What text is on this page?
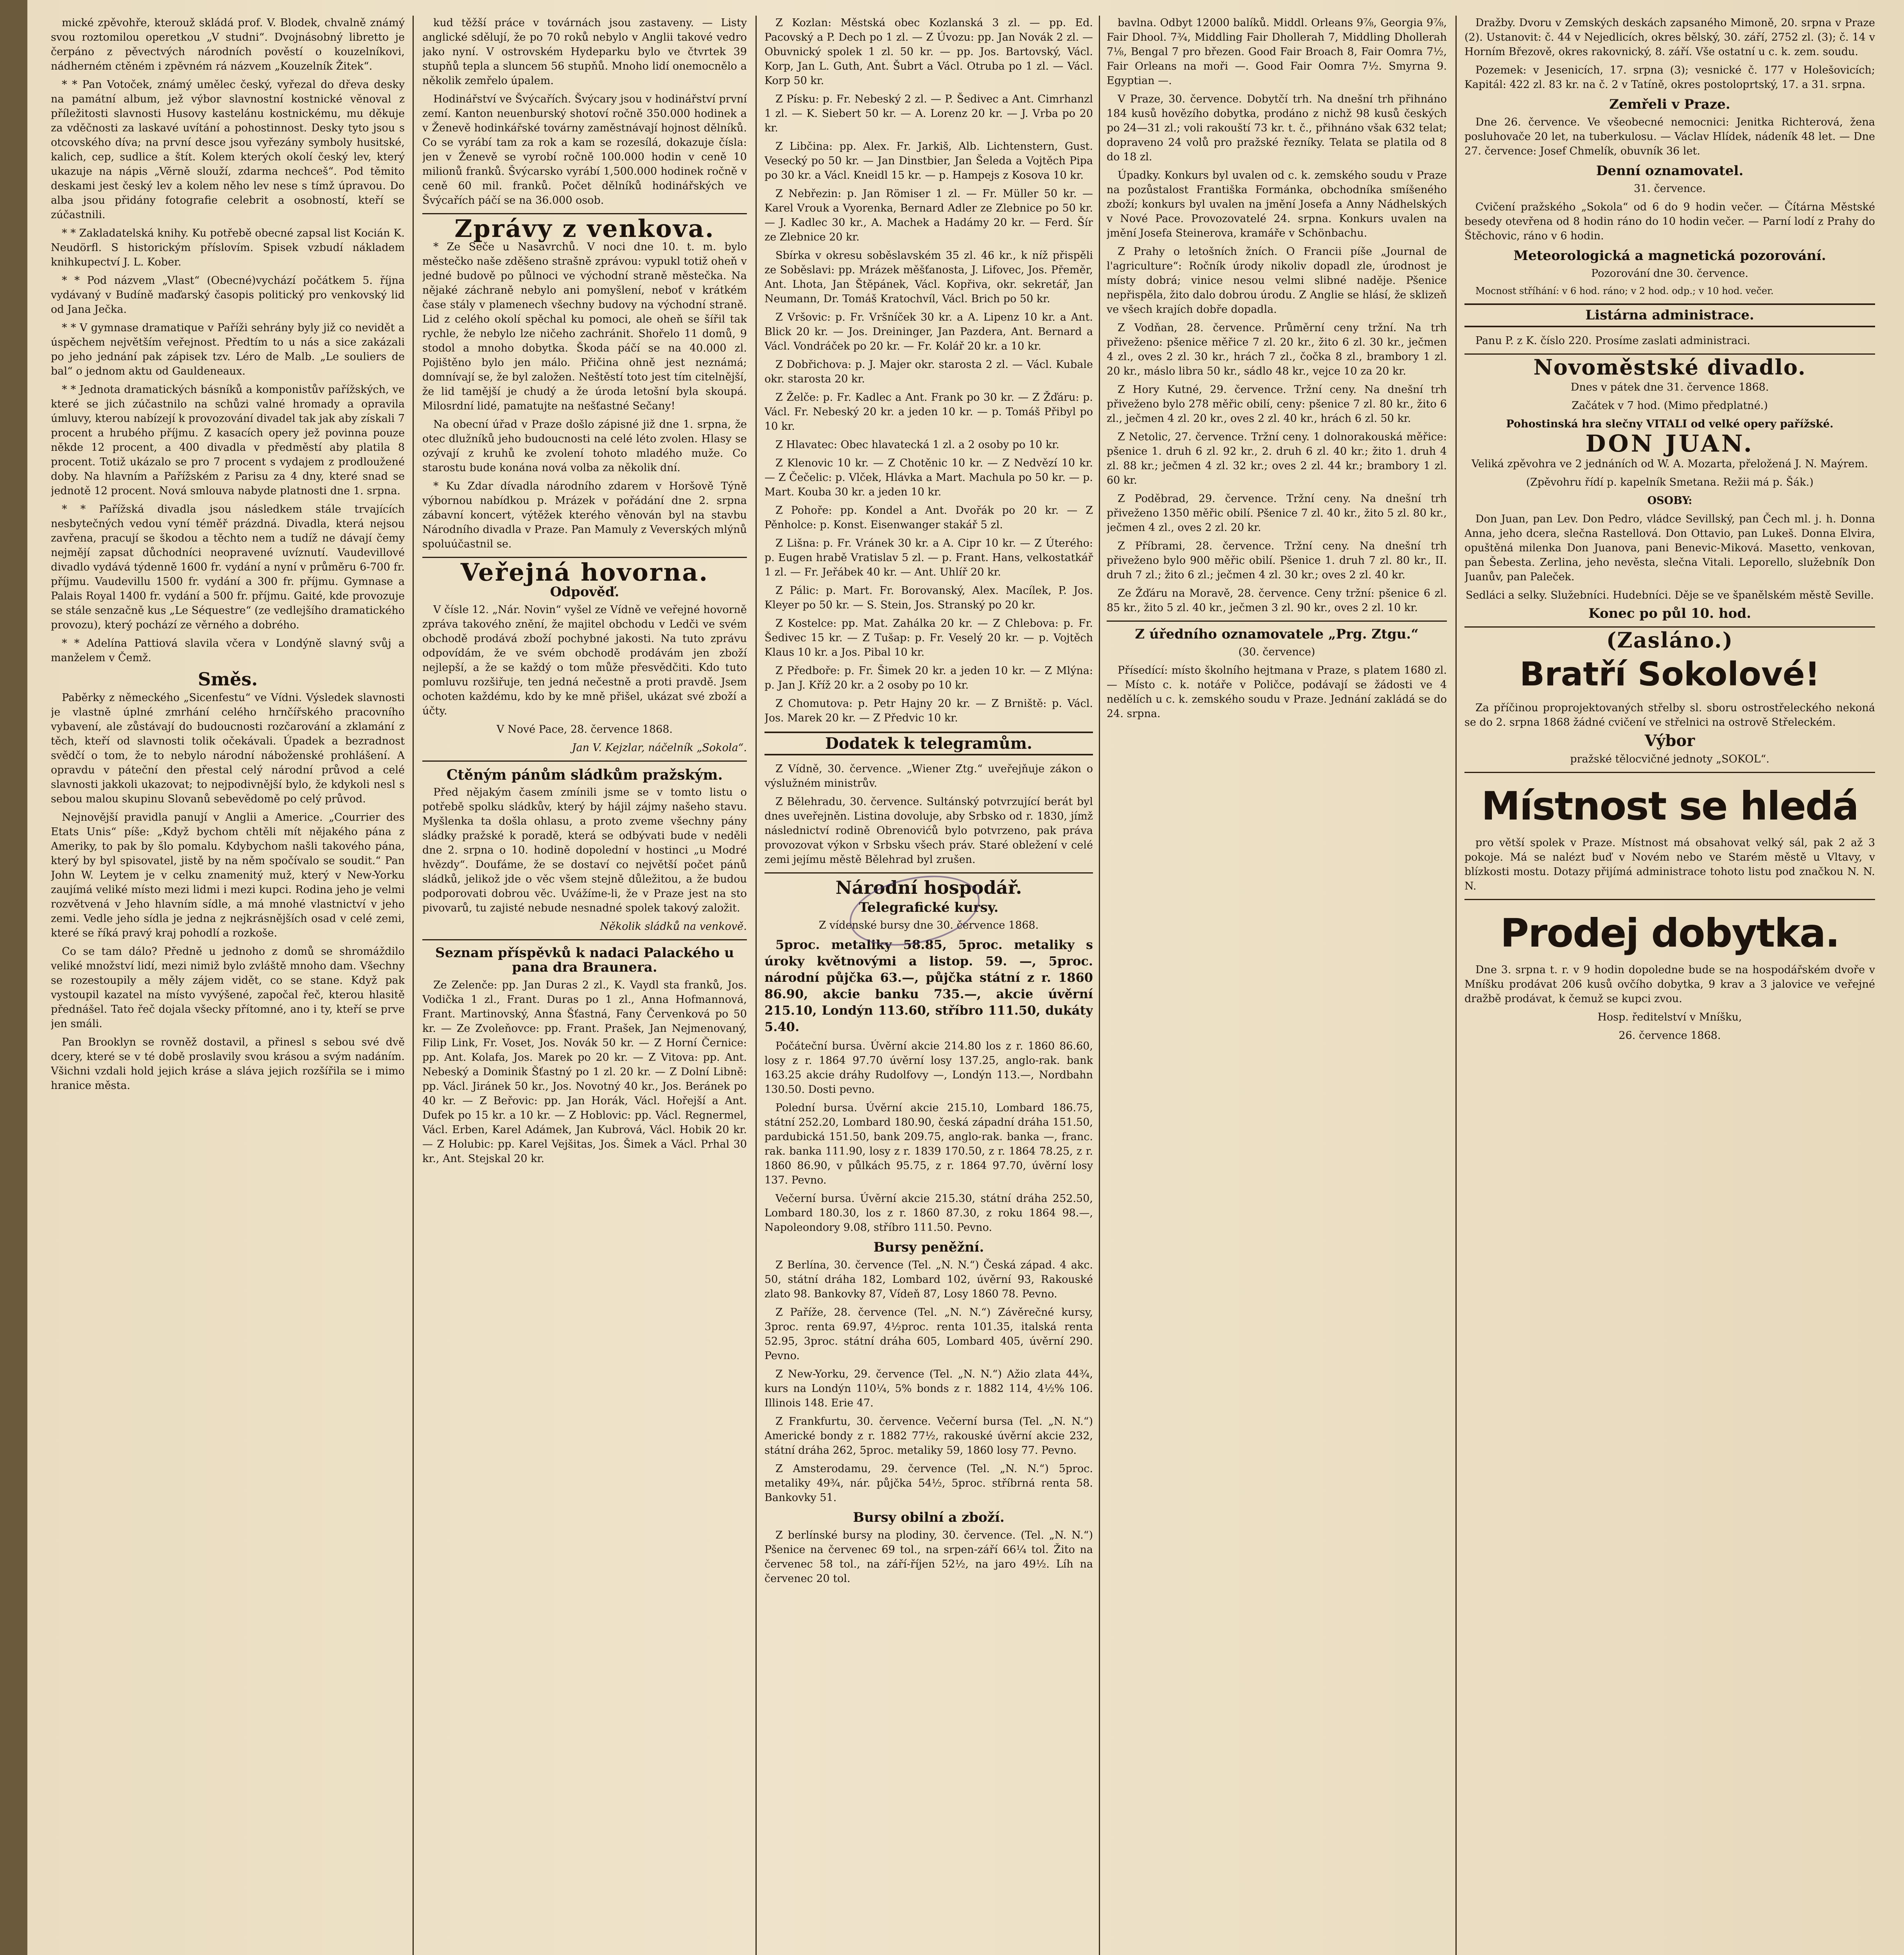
mické zpěvohře, kterouž skládá prof. V. Blodek, chvalně známý svou roztomilou operetkou „V studni“. Dvojnásobný libretto je čerpáno z pěvectvých národních pověstí o kouzelníkovi, nádherném ctěném i zpěvném rá názvem „Kouzelník Žitek“.

* * Pan Votoček, známý umělec český, vyřezal do dřeva desky na památní album, jež výbor slavnostní kostnické věnoval z příležitosti slavnosti Husovy kastelánu kostnickému, mu děkuje za vděčnosti za laskavé uvítání a pohostinnost. Desky tyto jsou s otcovského díva; na první desce jsou vyřezány symboly husitské, kalich, cep, sudlice a štít. Kolem kterých okolí český lev, který ukazuje na nápis „Věrně slouží, zdarma nechceš“. Pod těmito deskami jest český lev a kolem něho lev nese s tímž úpravou. Do alba jsou přidány fotografie celebrit a osobností, kteří se zúčastnili.

* * Zakladatelská knihy. Ku potřebě obecné zapsal list Kocián K. Neudörfl. S historickým příslovím. Spisek vzbudí nákladem knihkupectví J. L. Kober.

* * Pod názvem „Vlast“ (Obecné)vychází počátkem 5. října vydávaný v Budíně maďarský časopis politický pro venkovský lid od Jana Ječka.

* * V gymnase dramatique v Paříži sehrány byly již co nevidět a úspěchem největším veřejnost. Předtím to u nás a sice zakázali po jeho jednání pak zápisek tzv. Léro de Malb. „Le souliers de bal“ o jednom aktu od Gauldeneaux.

* * Jednota dramatických básníků a komponistův pařížských, ve které se jich zúčastnilo na schůzi valné hromady a opravila úmluvy, kterou nabízejí k provozování divadel tak jak aby získali 7 procent a hrubého příjmu. Z kasacích opery jež povinna pouze někde 12 procent, a 400 divadla v předměstí aby platila 8 procent. Totiž ukázalo se pro 7 procent s vydajem z prodloužené doby. Na hlavním a Pařížském z Parisu za 4 dny, které snad se jednotě 12 procent. Nová smlouva nabyde platnosti dne 1. srpna.

* * Pařížská divadla jsou následkem stále trvajících nesbytečných vedou vyní téměř prázdná. Divadla, která nejsou zavřena, pracují se škodou a těchto nem a tudíž ne dávají čemy nejmějí zapsat důchodníci neopravené uvíznutí. Vaudevillové divadlo vydává týdenně 1600 fr. vydání a nyní v průměru 6-700 fr. příjmu. Vaudevillu 1500 fr. vydání a 300 fr. příjmu. Gymnase a Palais Royal 1400 fr. vydání a 500 fr. příjmu. Gaité, kde provozuje se stále senzačně kus „Le Séquestre“ (ze vedlejšího dramatického provozu), který pochází ze věrného a dobrého.

* * Adelína Pattiová slavila včera v Londýně slavný svůj a manželem v Čemž.

Směs.

Paběrky z německého „Sicenfestu“ ve Vídni. Výsledek slavnosti je vlastně úplné zmrhání celého hrnčířského pracovního vybavení, ale zůstávají do budoucnosti rozčarování a zklamání z těch, kteří od slavnosti tolik očekávali. Úpadek a bezradnost svědčí o tom, že to nebylo národní náboženské prohlášení. A opravdu v páteční den přestal celý národní průvod a celé slavnosti jakkoli ukazovat; to nejpodivnější bylo, že kdykoli nesl s sebou malou skupinu Slovanů sebevědomě po celý průvod.

Nejnovější pravidla panují v Anglii a Americe. „Courrier des Etats Unis“ píše: „Když bychom chtěli mít nějakého pána z Ameriky, to pak by šlo pomalu. Kdybychom našli takového pána, který by byl spisovatel, jistě by na něm spočívalo se soudit.“ Pan John W. Leytem je v celku znamenitý muž, který v New-Yorku zaujímá veliké místo mezi lidmi i mezi kupci. Rodina jeho je velmi rozvětvená v Jeho hlavním sídle, a má mnohé vlastnictví v jeho zemi. Vedle jeho sídla je jedna z nejkrásnějších osad v celé zemi, které se říká pravý kraj pohodlí a rozkoše.

Co se tam dálo? Předně u jednoho z domů se shromáždilo veliké množství lidí, mezi nimiž bylo zvláště mnoho dam. Všechny se rozestoupily a měly zájem vidět, co se stane. Když pak vystoupil kazatel na místo vyvýšené, započal řeč, kterou hlasitě přednášel. Tato řeč dojala všecky přítomné, ano i ty, kteří se prve jen smáli.

Pan Brooklyn se rovněž dostavil, a přinesl s sebou své dvě dcery, které se v té době proslavily svou krásou a svým nadáním. Všichni vzdali hold jejich kráse a sláva jejich rozšířila se i mimo hranice města.

kud těžší práce v továrnách jsou zastaveny. — Listy anglické sdělují, že po 70 roků nebylo v Anglii takové vedro jako nyní. V ostrovském Hydeparku bylo ve čtvrtek 39 stupňů tepla a sluncem 56 stupňů. Mnoho lidí onemocnělo a několik zemřelo úpalem.

Hodinářství ve Švýcařích. Švýcary jsou v hodinářství první zemí. Kanton neuenburský shotoví ročně 350.000 hodinek a v Ženevě hodinkářské továrny zaměstnávají hojnost dělníků. Co se vyrábí tam za rok a kam se rozesílá, dokazuje čísla: jen v Ženevě se vyrobí ročně 100.000 hodin v ceně 10 milionů franků. Švýcarsko vyrábí 1,500.000 hodinek ročně v ceně 60 mil. franků. Počet dělníků hodinářských ve Švýcařích páčí se na 36.000 osob.

Zprávy z venkova.

* Ze Seče u Nasavrchů. V noci dne 10. t. m. bylo městečko naše zděšeno strašně zprávou: vypukl totiž oheň v jedné budově po půlnoci ve východní straně městečka. Na nějaké záchraně nebylo ani pomyšlení, neboť v krátkém čase stály v plamenech všechny budovy na východní straně. Lid z celého okolí spěchal ku pomoci, ale oheň se šířil tak rychle, že nebylo lze ničeho zachránit. Shořelo 11 domů, 9 stodol a mnoho dobytka. Škoda páčí se na 40.000 zl. Pojištěno bylo jen málo. Přičina ohně jest neznámá; domnívají se, že byl založen. Neštěstí toto jest tím citelnější, že lid tamější je chudý a že úroda letošní byla skoupá. Milosrdní lidé, pamatujte na nešťastné Sečany!

Na obecní úřad v Praze došlo zápisné již dne 1. srpna, že otec dlužníků jeho budoucnosti na celé léto zvolen. Hlasy se ozývají z kruhů ke zvolení tohoto mladého muže. Co starostu bude konána nová volba za několik dní.

* Ku Zdar dívadla národního zdarem v Horšově Týně výbornou nabídkou p. Mrázek v pořádání dne 2. srpna zábavní koncert, výtěžek kterého věnován byl na stavbu Národního divadla v Praze. Pan Mamuly z Veverských mlýnů spoluúčastnil se.

Veřejná hovorna.
Odpověď.

V čísle 12. „Nár. Novin“ vyšel ze Vídně ve veřejné hovorně zpráva takového znění, že majitel obchodu v Ledči ve svém obchodě prodává zboží pochybné jakosti. Na tuto zprávu odpovídám, že ve svém obchodě prodávám jen zboží nejlepší, a že se každý o tom může přesvědčiti. Kdo tuto pomluvu rozšiřuje, ten jedná nečestně a proti pravdě. Jsem ochoten každému, kdo by ke mně přišel, ukázat své zboží a účty.

V Nové Pace, 28. července 1868.

Jan V. Kejzlar, náčelník „Sokola“.

Ctěným pánům sládkům pražským.

Před nějakým časem zmínili jsme se v tomto listu o potřebě spolku sládkův, který by hájil zájmy našeho stavu. Myšlenka ta došla ohlasu, a proto zveme všechny pány sládky pražské k poradě, která se odbývati bude v neděli dne 2. srpna o 10. hodině dopolední v hostinci „u Modré hvězdy“. Doufáme, že se dostaví co největší počet pánů sládků, jelikož jde o věc všem stejně důležitou, a že budou podporovati dobrou věc. Uvážíme-li, že v Praze jest na sto pivovarů, tu zajisté nebude nesnadné spolek takový založit.

Několik sládků na venkově.

Seznam příspěvků k nadaci Palackého u pana dra Braunera.

Ze Zelenče: pp. Jan Duras 2 zl., K. Vaydl sta franků, Jos. Vodička 1 zl., Frant. Duras po 1 zl., Anna Hofmannová, Frant. Martinovský, Anna Šťastná, Fany Červenková po 50 kr. — Ze Zvoleňovce: pp. Frant. Prašek, Jan Nejmenovaný, Filip Link, Fr. Voset, Jos. Novák 50 kr. — Z Horní Černice: pp. Ant. Kolafa, Jos. Marek po 20 kr. — Z Vitova: pp. Ant. Nebeský a Dominik Šťastný po 1 zl. 20 kr. — Z Dolní Libně: pp. Václ. Jiránek 50 kr., Jos. Novotný 40 kr., Jos. Beránek po 40 kr. — Z Beřovic: pp. Jan Horák, Václ. Hořejší a Ant. Dufek po 15 kr. a 10 kr. — Z Hoblovic: pp. Václ. Regnermel, Václ. Erben, Karel Adámek, Jan Kubrová, Václ. Hobik 20 kr. — Z Holubic: pp. Karel Vejšitas, Jos. Šimek a Václ. Prhal 30 kr., Ant. Stejskal 20 kr.

Z Kozlan: Městská obec Kozlanská 3 zl. — pp. Ed. Pacovský a P. Dech po 1 zl. — Z Úvozu: pp. Jan Novák 2 zl. — Obuvnický spolek 1 zl. 50 kr. — pp. Jos. Bartovský, Václ. Korp, Jan L. Guth, Ant. Šubrt a Václ. Otruba po 1 zl. — Václ. Korp 50 kr.

Z Písku: p. Fr. Nebeský 2 zl. — P. Šedivec a Ant. Cimrhanzl 1 zl. — K. Siebert 50 kr. — A. Lorenz 20 kr. — J. Vrba po 20 kr.

Z Libčina: pp. Alex. Fr. Jarkiš, Alb. Lichtenstern, Gust. Vesecký po 50 kr. — Jan Dinstbier, Jan Šeleda a Vojtěch Pipa po 30 kr. a Václ. Kneidl 15 kr. — p. Hampejs z Kosova 10 kr.

Z Nebřezin: p. Jan Römiser 1 zl. — Fr. Müller 50 kr. — Karel Vrouk a Vyorenka, Bernard Adler ze Zlebnice po 50 kr. — J. Kadlec 30 kr., A. Machek a Hadámy 20 kr. — Ferd. Šír ze Zlebnice 20 kr.

Sbírka v okresu soběslavském 35 zl. 46 kr., k níž přispěli ze Soběslavi: pp. Mrázek měšťanosta, J. Lifovec, Jos. Přeměr, Ant. Lhota, Jan Štěpánek, Václ. Kopřiva, okr. sekretář, Jan Neumann, Dr. Tomáš Kratochvíl, Václ. Brich po 50 kr.

Z Vršovic: p. Fr. Vršníček 30 kr. a A. Lipenz 10 kr. a Ant. Blick 20 kr. — Jos. Dreininger, Jan Pazdera, Ant. Bernard a Václ. Vondráček po 20 kr. — Fr. Kolář 20 kr. a 10 kr.

Z Dobřichova: p. J. Majer okr. starosta 2 zl. — Václ. Kubale okr. starosta 20 kr.

Z Želče: p. Fr. Kadlec a Ant. Frank po 30 kr. — Z Žďáru: p. Václ. Fr. Nebeský 20 kr. a jeden 10 kr. — p. Tomáš Přibyl po 10 kr.

Z Hlavatec: Obec hlavatecká 1 zl. a 2 osoby po 10 kr.

Z Klenovic 10 kr. — Z Chotěnic 10 kr. — Z Nedvězí 10 kr. — Z Čečelic: p. Vlček, Hlávka a Mart. Machula po 50 kr. — p. Mart. Kouba 30 kr. a jeden 10 kr.

Z Pohoře: pp. Kondel a Ant. Dvořák po 20 kr. — Z Pěnholce: p. Konst. Eisenwanger stakář 5 zl.

Z Lišna: p. Fr. Vránek 30 kr. a A. Cipr 10 kr. — Z Úterého: p. Eugen hrabě Vratislav 5 zl. — p. Frant. Hans, velkostatkář 1 zl. — Fr. Jeřábek 40 kr. — Ant. Uhlíř 20 kr.

Z Pálic: p. Mart. Fr. Borovanský, Alex. Macílek, P. Jos. Kleyer po 50 kr. — S. Stein, Jos. Stranský po 20 kr.

Z Kostelce: pp. Mat. Zahálka 20 kr. — Z Chlebova: p. Fr. Šedivec 15 kr. — Z Tušap: p. Fr. Veselý 20 kr. — p. Vojtěch Klaus 10 kr. a Jos. Pibal 10 kr.

Z Předboře: p. Fr. Šimek 20 kr. a jeden 10 kr. — Z Mlýna: p. Jan J. Kříž 20 kr. a 2 osoby po 10 kr.

Z Chomutova: p. Petr Hajny 20 kr. — Z Brniště: p. Václ. Jos. Marek 20 kr. — Z Předvic 10 kr.

Dodatek k telegramům.

Z Vídně, 30. července. „Wiener Ztg.“ uveřejňuje zákon o výslužném ministrův.

Z Bělehradu, 30. července. Sultánský potvrzující berát byl dnes uveřejněn. Listina dovoluje, aby Srbsko od r. 1830, jímž následnictví rodině Obrenovićů bylo potvrzeno, pak práva provozovat výkon v Srbsku všech práv. Staré obležení v celé zemi jejímu městě Bělehrad byl zrušen.

Národní hospodář.
Telegrafické kursy.

Z vídenské bursy dne 30. července 1868.

5proc. metaliky 58.85, 5proc. metaliky s úroky květnovými a listop. 59. —, 5proc. národní půjčka 63.—, půjčka státní z r. 1860 86.90, akcie banku 735.—, akcie úvěrní 215.10, Londýn 113.60, stříbro 111.50, dukáty 5.40.

Počáteční bursa. Úvěrní akcie 214.80 los z r. 1860 86.60, losy z r. 1864 97.70 úvěrní losy 137.25, anglo-rak. bank 163.25 akcie dráhy Rudolfovy —, Londýn 113.—, Nordbahn 130.50. Dosti pevno.

Polední bursa. Úvěrní akcie 215.10, Lombard 186.75, státní 252.20, Lombard 180.90, česká západní dráha 151.50, pardubická 151.50, bank 209.75, anglo-rak. banka —, franc. rak. banka 111.90, losy z r. 1839 170.50, z r. 1864 78.25, z r. 1860 86.90, v půlkách 95.75, z r. 1864 97.70, úvěrní losy 137. Pevno.

Večerní bursa. Úvěrní akcie 215.30, státní dráha 252.50, Lombard 180.30, los z r. 1860 87.30, z roku 1864 98.—, Napoleondory 9.08, stříbro 111.50. Pevno.

Bursy peněžní.

Z Berlína, 30. července (Tel. „N. N.“) Česká západ. 4 akc. 50, státní dráha 182, Lombard 102, úvěrní 93, Rakouské zlato 98. Bankovky 87, Vídeň 87, Losy 1860 78. Pevno.

Z Paříže, 28. července (Tel. „N. N.“) Závěrečné kursy, 3proc. renta 69.97, 4½proc. renta 101.35, italská renta 52.95, 3proc. státní dráha 605, Lombard 405, úvěrní 290. Pevno.

Z New-Yorku, 29. července (Tel. „N. N.“) Ažio zlata 44¾, kurs na Londýn 110¼, 5% bonds z r. 1882 114, 4½% 106. Illinois 148. Erie 47.

Z Frankfurtu, 30. července. Večerní bursa (Tel. „N. N.“) Americké bondy z r. 1882 77½, rakouské úvěrní akcie 232, státní dráha 262, 5proc. metaliky 59, 1860 losy 77. Pevno.

Z Amsterodamu, 29. července (Tel. „N. N.“) 5proc. metaliky 49¾, nár. půjčka 54½, 5proc. stříbrná renta 58. Bankovky 51.

Bursy obilní a zboží.

Z berlínské bursy na plodiny, 30. července. (Tel. „N. N.“) Pšenice na červenec 69 tol., na srpen-září 66¼ tol. Žito na červenec 58 tol., na září-říjen 52½, na jaro 49½. Líh na červenec 20 tol.

bavlna. Odbyt 12000 balíků. Middl. Orleans 9⅞, Georgia 9⅞, Fair Dhool. 7¾, Middling Fair Dhollerah 7, Middling Dhollerah 7⅛, Bengal 7 pro březen. Good Fair Broach 8, Fair Oomra 7½, Fair Orleans na moři —. Good Fair Oomra 7½. Smyrna 9. Egyptian —.

V Praze, 30. července. Dobytčí trh. Na dnešní trh přihnáno 184 kusů hovězího dobytka, prodáno z nichž 98 kusů českých po 24—31 zl.; voli rakouští 73 kr. t. č., přihnáno však 632 telat; dopraveno 24 volů pro pražské řezníky. Telata se platila od 8 do 18 zl.

Úpadky. Konkurs byl uvalen od c. k. zemského soudu v Praze na pozůstalost Františka Formánka, obchodníka smíšeného zboží; konkurs byl uvalen na jmění Josefa a Anny Nádhelských v Nové Pace. Provozovatelé 24. srpna. Konkurs uvalen na jmění Josefa Steinerova, kramáře v Schönbachu.

Z Prahy o letošních žních. O Francii píše „Journal de l'agriculture“: Ročník úrody nikoliv dopadl zle, úrodnost je místy dobrá; vinice nesou velmi slibné naděje. Pšenice nepřispěla, žito dalo dobrou úrodu. Z Anglie se hlásí, že sklizeň ve všech krajích dobře dopadla.

Z Vodňan, 28. července. Průměrní ceny tržní. Na trh přiveženo: pšenice měřice 7 zl. 20 kr., žito 6 zl. 30 kr., ječmen 4 zl., oves 2 zl. 30 kr., hrách 7 zl., čočka 8 zl., brambory 1 zl. 20 kr., máslo libra 50 kr., sádlo 48 kr., vejce 10 za 20 kr.

Z Hory Kutné, 29. července. Tržní ceny. Na dnešní trh přiveženo bylo 278 měřic obilí, ceny: pšenice 7 zl. 80 kr., žito 6 zl., ječmen 4 zl. 20 kr., oves 2 zl. 40 kr., hrách 6 zl. 50 kr.

Z Netolic, 27. července. Tržní ceny. 1 dolnorakouská měřice: pšenice 1. druh 6 zl. 92 kr., 2. druh 6 zl. 40 kr.; žito 1. druh 4 zl. 88 kr.; ječmen 4 zl. 32 kr.; oves 2 zl. 44 kr.; brambory 1 zl. 60 kr.

Z Poděbrad, 29. července. Tržní ceny. Na dnešní trh přiveženo 1350 měřic obilí. Pšenice 7 zl. 40 kr., žito 5 zl. 80 kr., ječmen 4 zl., oves 2 zl. 20 kr.

Z Příbrami, 28. července. Tržní ceny. Na dnešní trh přiveženo bylo 900 měřic obilí. Pšenice 1. druh 7 zl. 80 kr., II. druh 7 zl.; žito 6 zl.; ječmen 4 zl. 30 kr.; oves 2 zl. 40 kr.

Ze Žďáru na Moravě, 28. července. Ceny tržní: pšenice 6 zl. 85 kr., žito 5 zl. 40 kr., ječmen 3 zl. 90 kr., oves 2 zl. 10 kr.

Z úředního oznamovatele „Prg. Ztgu.“

(30. července)

Přísedící: místo školního hejtmana v Praze, s platem 1680 zl. — Místo c. k. notáře v Poličce, podávají se žádosti ve 4 nedělích u c. k. zemského soudu v Praze. Jednání zakládá se do 24. srpna.

Dražby. Dvoru v Zemských deskách zapsaného Mimoně, 20. srpna v Praze (2). Ustanovit: č. 44 v Nejedlicích, okres bělský, 30. září, 2752 zl. (3); č. 14 v Horním Březově, okres rakovnický, 8. září. Vše ostatní u c. k. zem. soudu.

Pozemek: v Jesenicích, 17. srpna (3); vesnické č. 177 v Holešovicích; Kapitál: 422 zl. 83 kr. na č. 2 v Tatíně, okres postoloprtský, 17. a 31. srpna.

Zemřeli v Praze.

Dne 26. července. Ve všeobecné nemocnici: Jenitka Richterová, žena posluhovače 20 let, na tuberkulosu. — Václav Hlídek, nádeník 48 let. — Dne 27. července: Josef Chmelík, obuvník 36 let.

Denní oznamovatel.

31. července.

Cvičení pražského „Sokola“ od 6 do 9 hodin večer. — Čítárna Městské besedy otevřena od 8 hodin ráno do 10 hodin večer. — Parní lodí z Prahy do Štěchovic, ráno v 6 hodin.

Meteorologická a magnetická pozorování.

Pozorování dne 30. července.

Mocnost stříhání: v 6 hod. ráno; v 2 hod. odp.; v 10 hod. večer.

Listárna administrace.

Panu P. z K. číslo 220. Prosíme zaslati administraci.

Novoměstské divadlo.

Dnes v pátek dne 31. července 1868.

Začátek v 7 hod. (Mimo předplatné.)

Pohostinská hra slečny VITALI od velké opery pařížské.

DON JUAN.

Veliká zpěvohra ve 2 jednáních od W. A. Mozarta, přeložená J. N. Maýrem.

(Zpěvohru řídí p. kapelník Smetana. Režii má p. Šák.)

OSOBY:

Don Juan, pan Lev. Don Pedro, vládce Sevillský, pan Čech ml. j. h. Donna Anna, jeho dcera, slečna Rastellová. Don Ottavio, pan Lukeš. Donna Elvira, opuštěná milenka Don Juanova, pani Benevic-Miková. Masetto, venkovan, pan Šebesta. Zerlina, jeho nevěsta, slečna Vitali. Leporello, služebník Don Juanův, pan Paleček.

Sedláci a selky. Služebníci. Hudebníci. Děje se ve španělském městě Seville.

Konec po půl 10. hod.

(Zasláno.)
Bratří Sokolové!

Za příčinou proprojektovaných střelby sl. sboru ostrostřeleckého nekoná se do 2. srpna 1868 žádné cvičení ve střelnici na ostrově Střeleckém.

Výbor

pražské tělocvičné jednoty „SOKOL“.

Místnost se hledá

pro větší spolek v Praze. Místnost má obsahovat velký sál, pak 2 až 3 pokoje. Má se nalézt buď v Novém nebo ve Starém městě u Vltavy, v blízkosti mostu. Dotazy přijímá administrace tohoto listu pod značkou N. N. N.

Prodej dobytka.

Dne 3. srpna t. r. v 9 hodin dopoledne bude se na hospodářském dvoře v Mníšku prodávat 206 kusů ovčího dobytka, 9 krav a 3 jalovice ve veřejné dražbě prodávat, k čemuž se kupci zvou.

Hosp. ředitelství v Mníšku,

26. července 1868.
